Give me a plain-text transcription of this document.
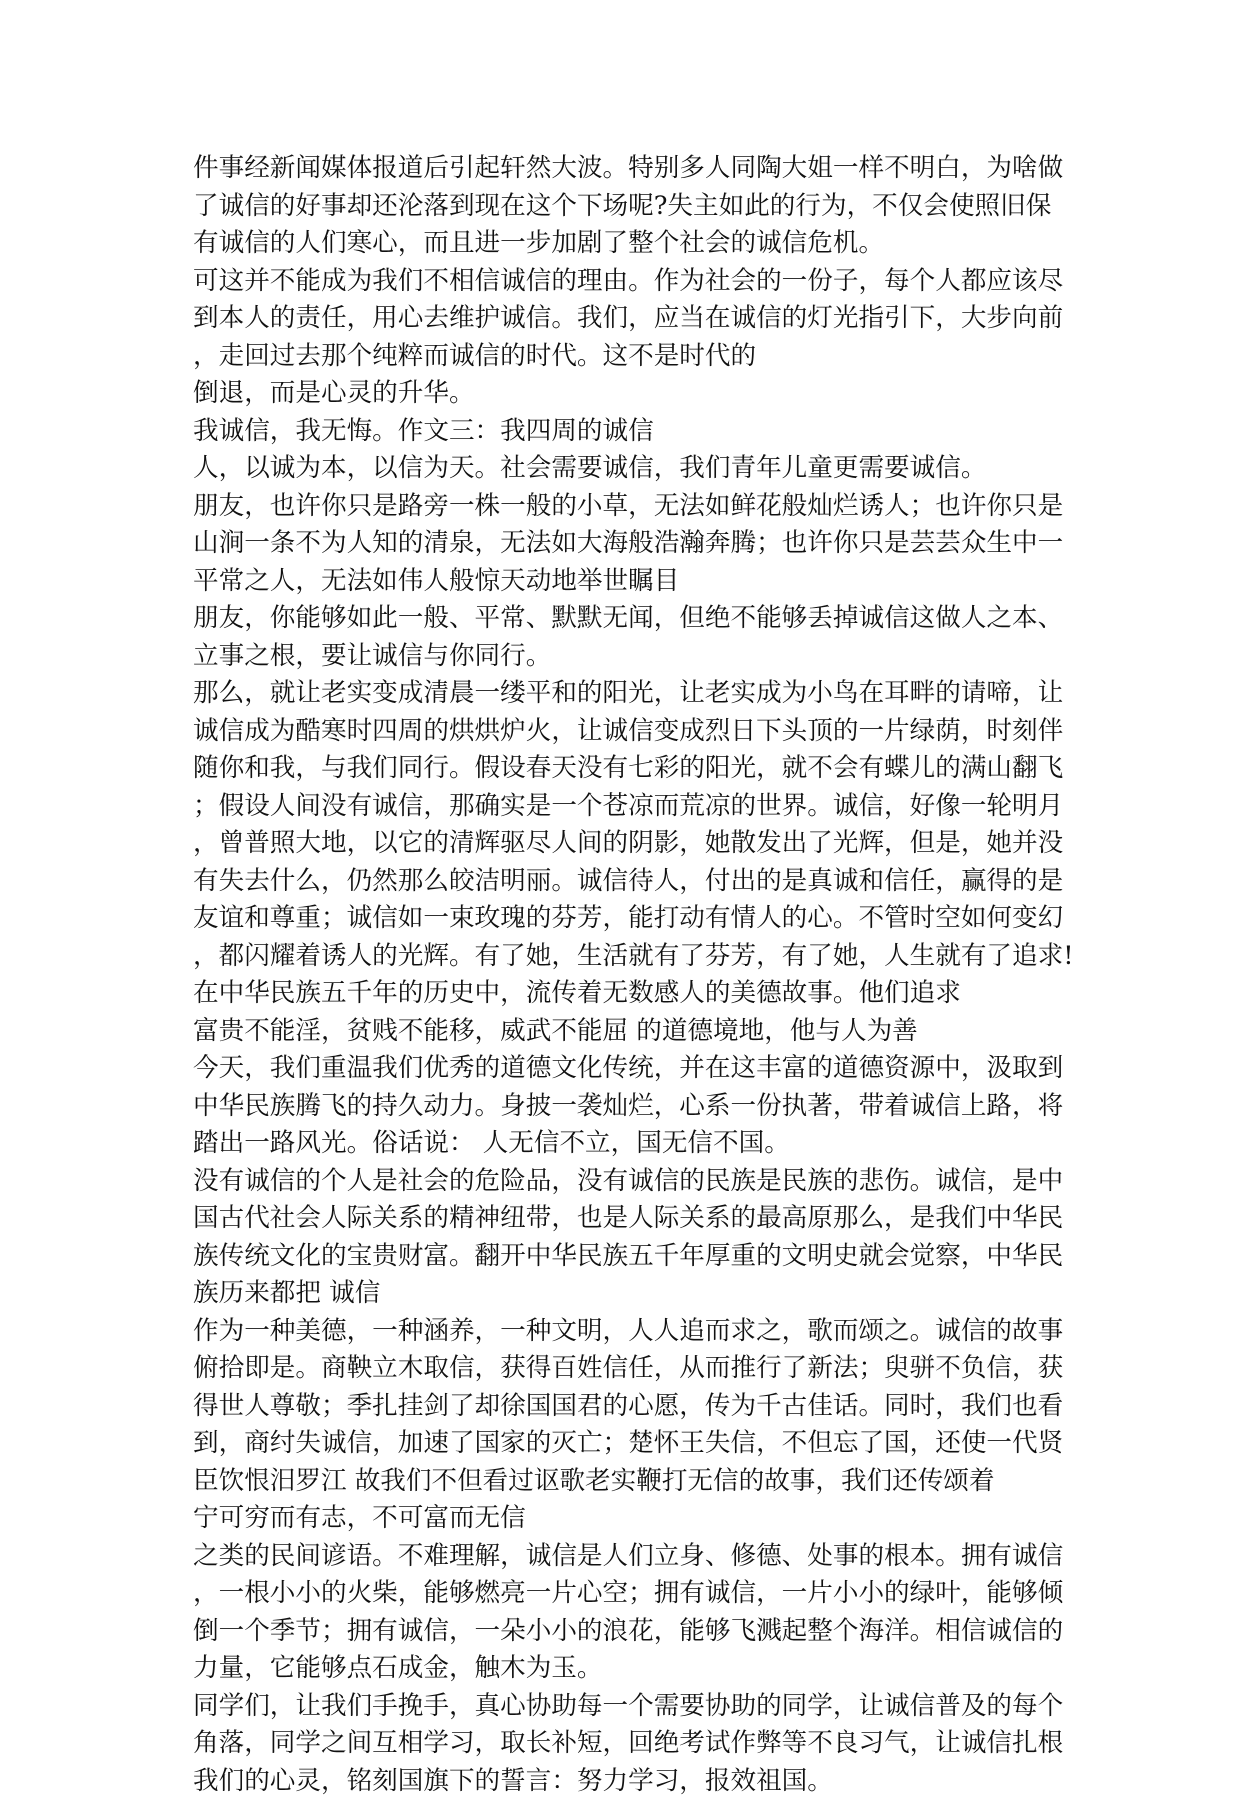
件事经新闻媒体报道后引起轩然大波。特别多人同陶大姐一样不明白，为啥做
了诚信的好事却还沦落到现在这个下场呢?失主如此的行为，不仅会使照旧保
有诚信的人们寒心，而且进一步加剧了整个社会的诚信危机。
可这并不能成为我们不相信诚信的理由。作为社会的一份子，每个人都应该尽
到本人的责任，用心去维护诚信。我们，应当在诚信的灯光指引下，大步向前
，走回过去那个纯粹而诚信的时代。这不是时代的
倒退，而是心灵的升华。
我诚信，我无悔。作文三：我四周的诚信
人，以诚为本，以信为天。社会需要诚信，我们青年儿童更需要诚信。
朋友，也许你只是路旁一株一般的小草，无法如鲜花般灿烂诱人；也许你只是
山涧一条不为人知的清泉，无法如大海般浩瀚奔腾；也许你只是芸芸众生中一
平常之人，无法如伟人般惊天动地举世瞩目
朋友，你能够如此一般、平常、默默无闻，但绝不能够丢掉诚信这做人之本、
立事之根，要让诚信与你同行。
那么，就让老实变成清晨一缕平和的阳光，让老实成为小鸟在耳畔的请啼，让
诚信成为酷寒时四周的烘烘炉火，让诚信变成烈日下头顶的一片绿荫，时刻伴
随你和我，与我们同行。假设春天没有七彩的阳光，就不会有蝶儿的满山翻飞
；假设人间没有诚信，那确实是一个苍凉而荒凉的世界。诚信，好像一轮明月
，曾普照大地，以它的清辉驱尽人间的阴影，她散发出了光辉，但是，她并没
有失去什么，仍然那么皎洁明丽。诚信待人，付出的是真诚和信任，赢得的是
友谊和尊重；诚信如一束玫瑰的芬芳，能打动有情人的心。不管时空如何变幻
，都闪耀着诱人的光辉。有了她，生活就有了芬芳，有了她，人生就有了追求!
在中华民族五千年的历史中，流传着无数感人的美德故事。他们追求
富贵不能淫，贫贱不能移，威武不能屈 的道德境地，他与人为善
今天，我们重温我们优秀的道德文化传统，并在这丰富的道德资源中，汲取到
中华民族腾飞的持久动力。身披一袭灿烂，心系一份执著，带着诚信上路，将
踏出一路风光。俗话说： 人无信不立，国无信不国。
没有诚信的个人是社会的危险品，没有诚信的民族是民族的悲伤。诚信，是中
国古代社会人际关系的精神纽带，也是人际关系的最高原那么，是我们中华民
族传统文化的宝贵财富。翻开中华民族五千年厚重的文明史就会觉察，中华民
族历来都把 诚信
作为一种美德，一种涵养，一种文明，人人追而求之，歌而颂之。诚信的故事
俯拾即是。商鞅立木取信，获得百姓信任，从而推行了新法；臾骈不负信，获
得世人尊敬；季扎挂剑了却徐国国君的心愿，传为千古佳话。同时，我们也看
到，商纣失诚信，加速了国家的灭亡；楚怀王失信，不但忘了国，还使一代贤
臣饮恨汨罗江 故我们不但看过讴歌老实鞭打无信的故事，我们还传颂着
宁可穷而有志，不可富而无信
之类的民间谚语。不难理解，诚信是人们立身、修德、处事的根本。拥有诚信
，一根小小的火柴，能够燃亮一片心空；拥有诚信，一片小小的绿叶，能够倾
倒一个季节；拥有诚信，一朵小小的浪花，能够飞溅起整个海洋。相信诚信的
力量，它能够点石成金，触木为玉。
同学们，让我们手挽手，真心协助每一个需要协助的同学，让诚信普及的每个
角落，同学之间互相学习，取长补短，回绝考试作弊等不良习气，让诚信扎根
我们的心灵，铭刻国旗下的誓言：努力学习，报效祖国。
